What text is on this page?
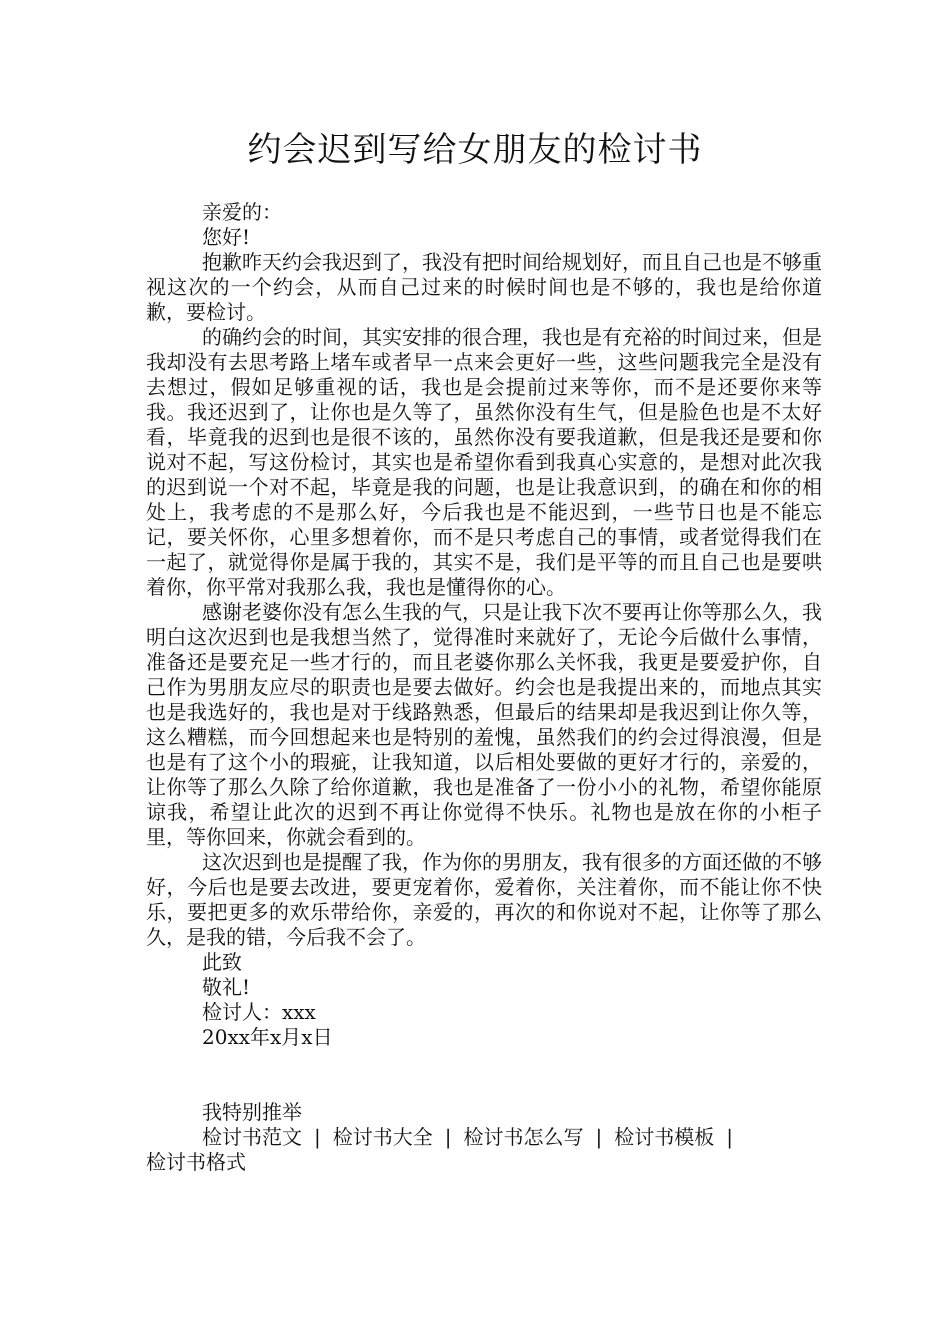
约会迟到写给女朋友的检讨书

亲爱的：

您好!

抱歉昨天约会我迟到了，我没有把时间给规划好，而且自己也是不够重视这次的一个约会，从而自己过来的时候时间也是不够的，我也是给你道歉，要检讨。

的确约会的时间，其实安排的很合理，我也是有充裕的时间过来，但是我却没有去思考路上堵车或者早一点来会更好一些，这些问题我完全是没有去想过，假如足够重视的话，我也是会提前过来等你，而不是还要你来等我。我还迟到了，让你也是久等了，虽然你没有生气，但是脸色也是不太好看，毕竟我的迟到也是很不该的，虽然你没有要我道歉，但是我还是要和你说对不起，写这份检讨，其实也是希望你看到我真心实意的，是想对此次我的迟到说一个对不起，毕竟是我的问题，也是让我意识到，的确在和你的相处上，我考虑的不是那么好，今后我也是不能迟到，一些节日也是不能忘记，要关怀你，心里多想着你，而不是只考虑自己的事情，或者觉得我们在一起了，就觉得你是属于我的，其实不是，我们是平等的而且自己也是要哄着你，你平常对我那么我，我也是懂得你的心。

感谢老婆你没有怎么生我的气，只是让我下次不要再让你等那么久，我明白这次迟到也是我想当然了，觉得准时来就好了，无论今后做什么事情，准备还是要充足一些才行的，而且老婆你那么关怀我，我更是要爱护你，自己作为男朋友应尽的职责也是要去做好。约会也是我提出来的，而地点其实也是我选好的，我也是对于线路熟悉，但最后的结果却是我迟到让你久等，这么糟糕，而今回想起来也是特别的羞愧，虽然我们的约会过得浪漫，但是也是有了这个小的瑕疵，让我知道，以后相处要做的更好才行的，亲爱的，让你等了那么久除了给你道歉，我也是准备了一份小小的礼物，希望你能原谅我，希望让此次的迟到不再让你觉得不快乐。礼物也是放在你的小柜子里，等你回来，你就会看到的。

这次迟到也是提醒了我，作为你的男朋友，我有很多的方面还做的不够好，今后也是要去改进，要更宠着你，爱着你，关注着你，而不能让你不快乐，要把更多的欢乐带给你，亲爱的，再次的和你说对不起，让你等了那么久，是我的错，今后我不会了。

此致

敬礼!

检讨人：xxx

20xx年x月x日

我特别推举

检讨书范文 | 检讨书大全 | 检讨书怎么写 | 检讨书模板 |
检讨书格式
